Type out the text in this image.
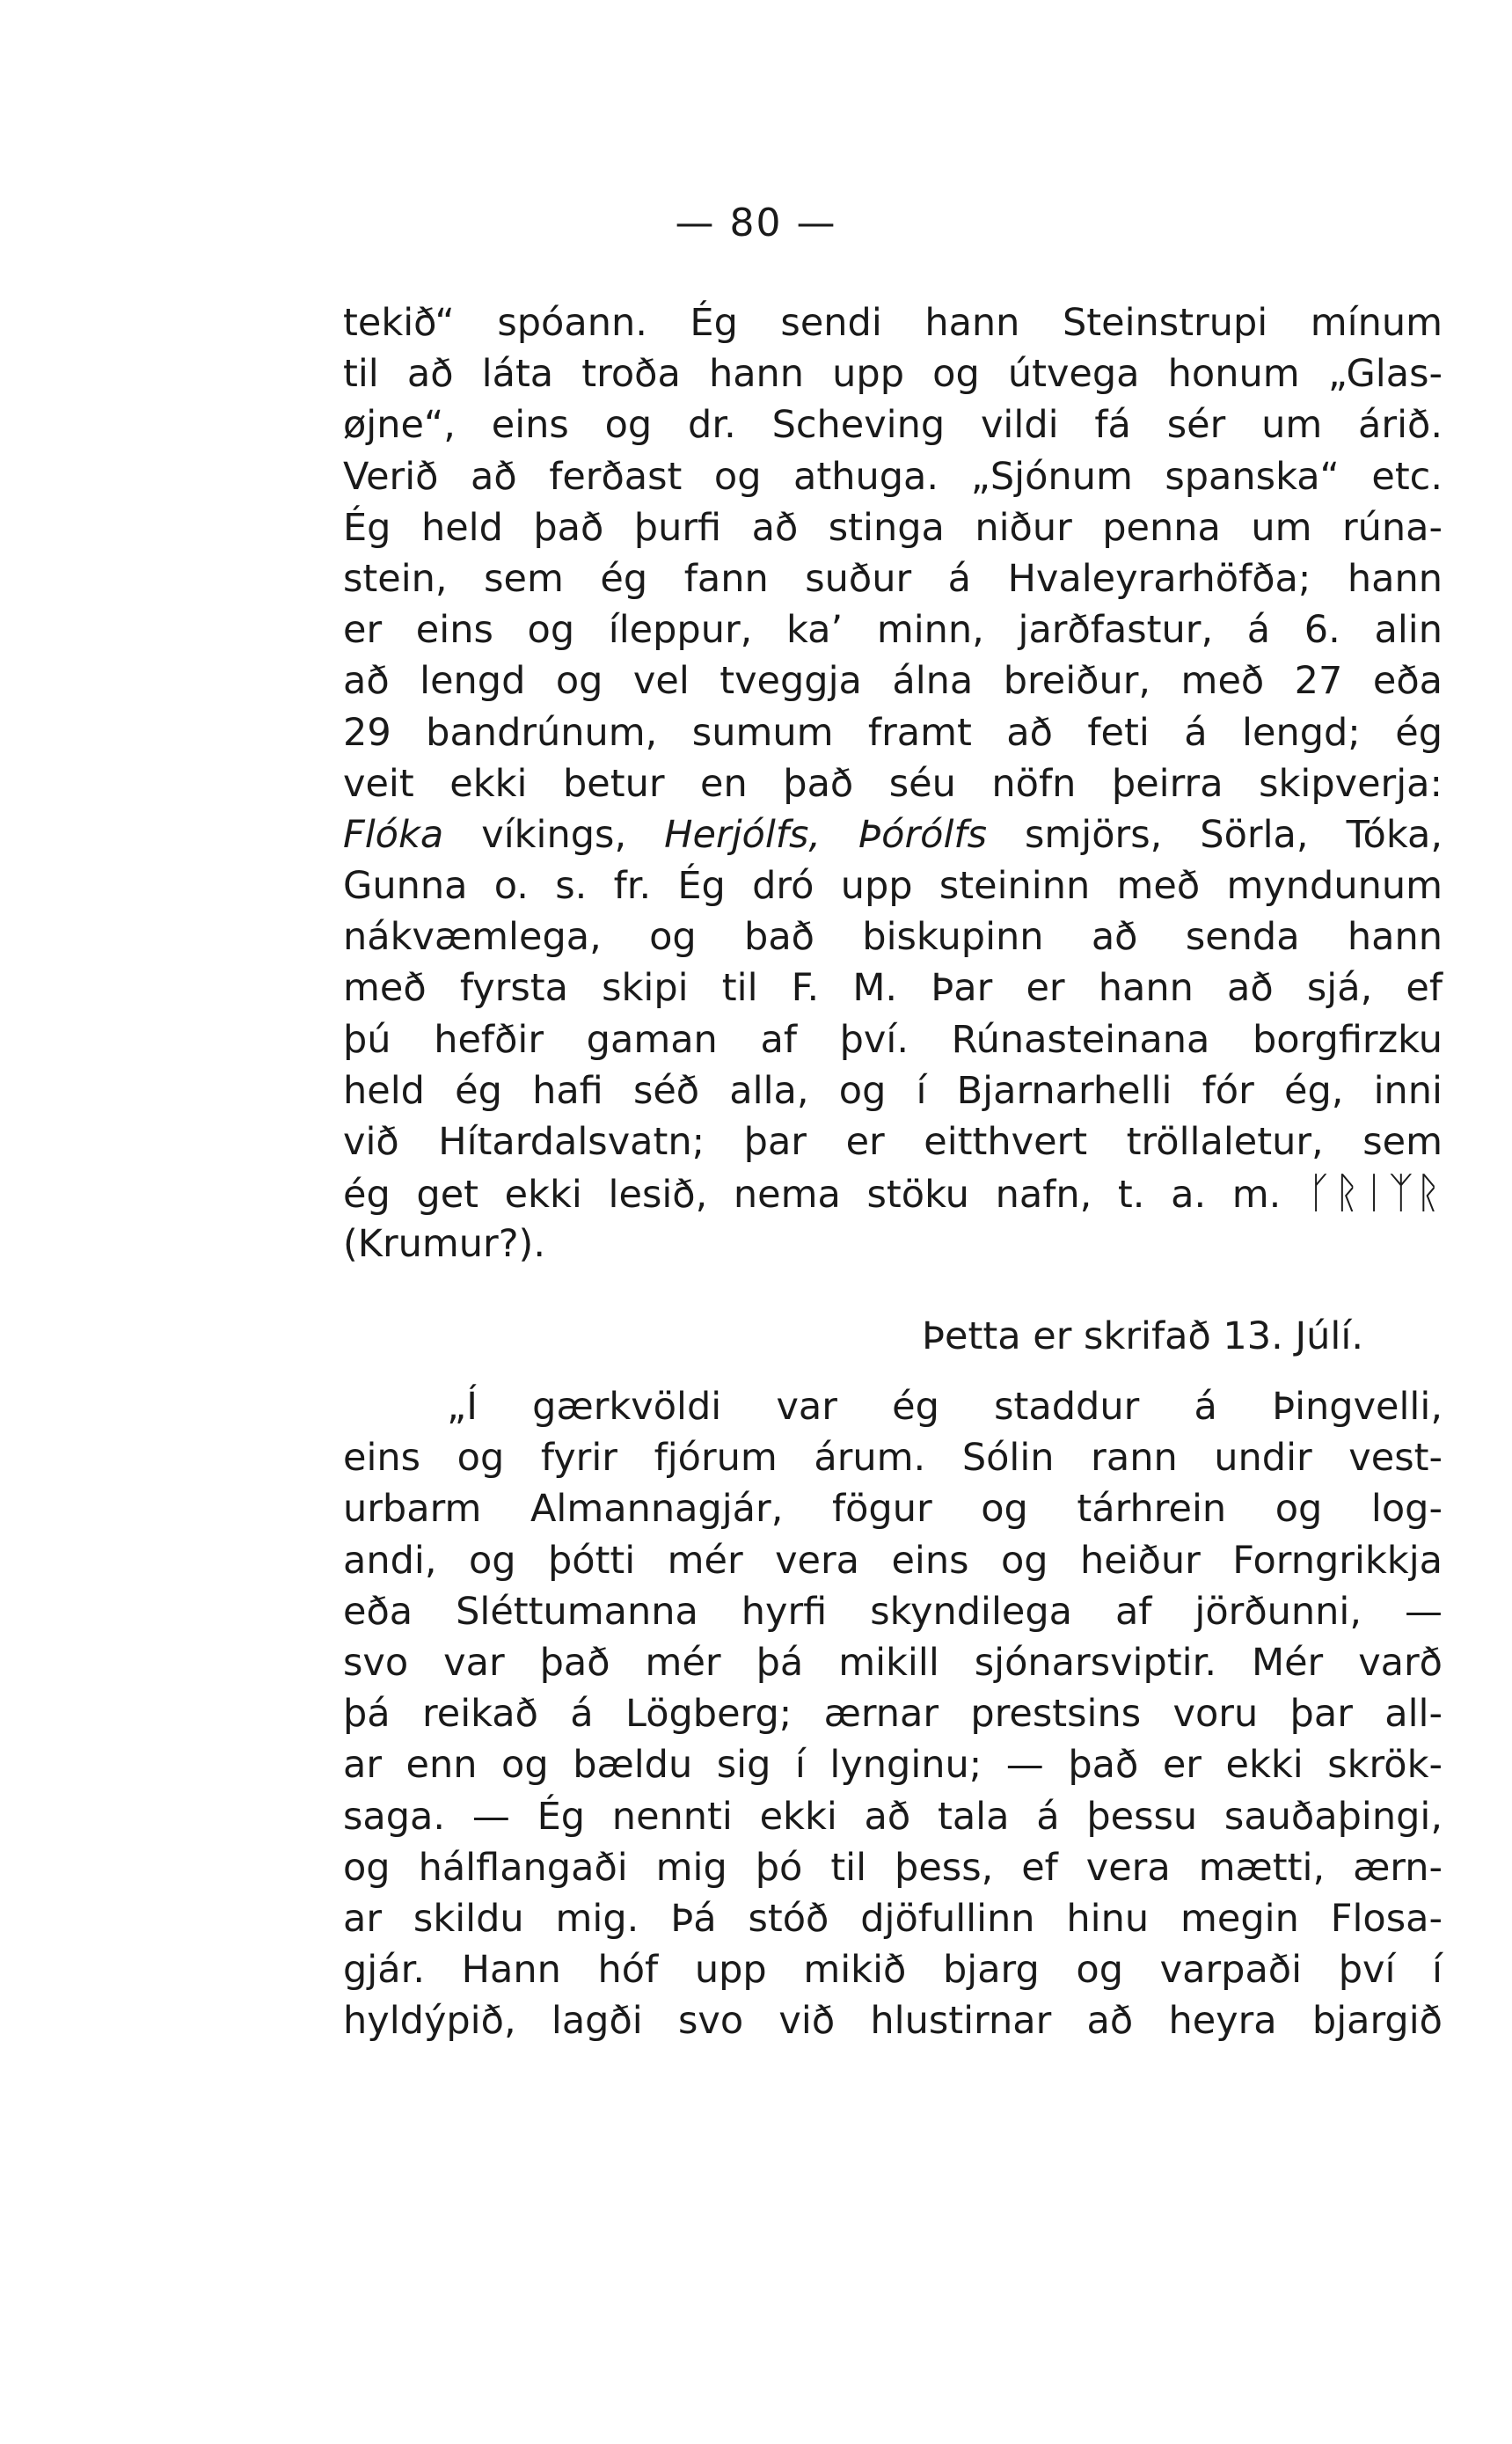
— 80 —
tekið“ spóann. Ég sendi hann Steinstrupi mínum
til að láta troða hann upp og útvega honum „Glas-
øjne“, eins og dr. Scheving vildi fá sér um árið.
Verið að ferðast og athuga. „Sjónum spanska“ etc.
Ég held það þurfi að stinga niður penna um rúna-
stein, sem ég fann suður á Hvaleyrarhöfða; hann
er eins og íleppur, ka’ minn, jarðfastur, á 6. alin
að lengd og vel tveggja álna breiður, með 27 eða
29 bandrúnum, sumum framt að feti á lengd; ég
veit ekki betur en það séu nöfn þeirra skipverja:
Flóka víkings, Herjólfs, Þórólfs smjörs, Sörla, Tóka,
Gunna o. s. fr. Ég dró upp steininn með myndunum
nákvæmlega, og bað biskupinn að senda hann
með fyrsta skipi til F. M. Þar er hann að sjá, ef
þú hefðir gaman af því. Rúnasteinana borgfirzku
held ég hafi séð alla, og í Bjarnarhelli fór ég, inni
við Hítardalsvatn; þar er eitthvert tröllaletur, sem
ég get ekki lesið, nema stöku nafn, t. a. m. ᚴᚱᛁᛉᚱ
(Krumur?).
Þetta er skrifað 13. Júlí.
„Í gærkvöldi var ég staddur á Þingvelli,
eins og fyrir fjórum árum. Sólin rann undir vest-
urbarm Almannagjár, fögur og tárhrein og log-
andi, og þótti mér vera eins og heiður Forngrikkja
eða Sléttumanna hyrfi skyndilega af jörðunni, —
svo var það mér þá mikill sjónarsviptir. Mér varð
þá reikað á Lögberg; ærnar prestsins voru þar all-
ar enn og bældu sig í lynginu; — það er ekki skrök-
saga. — Ég nennti ekki að tala á þessu sauðaþingi,
og hálflangaði mig þó til þess, ef vera mætti, ærn-
ar skildu mig. Þá stóð djöfullinn hinu megin Flosa-
gjár. Hann hóf upp mikið bjarg og varpaði því í
hyldýpið, lagði svo við hlustirnar að heyra bjargið
